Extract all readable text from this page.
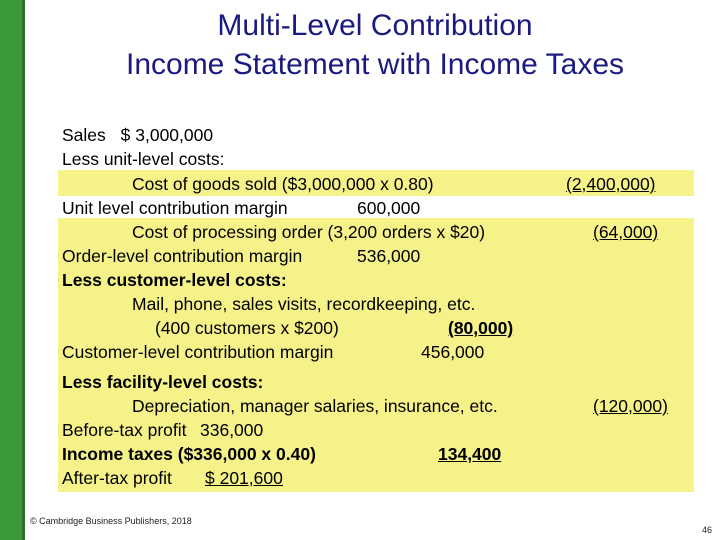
Multi-Level Contribution
Income Statement with Income Taxes
Sales $ 3,000,000
Less unit-level costs:
Cost of goods sold ($3,000,000 x 0.80)	(2,400,000)
Unit level contribution margin	600,000
Cost of processing order (3,200 orders x $20)	(64,000)
Order-level contribution margin	536,000
Less customer-level costs:
Mail, phone, sales visits, recordkeeping, etc.
(400 customers x $200)	(80,000)
Customer-level contribution margin	456,000
Less facility-level costs:
Depreciation, manager salaries, insurance, etc.	(120,000)
Before-tax profit 336,000
Income taxes ($336,000 x 0.40)	134,400
After-tax profit $ 201,600
© Cambridge Business Publishers, 2018
46
